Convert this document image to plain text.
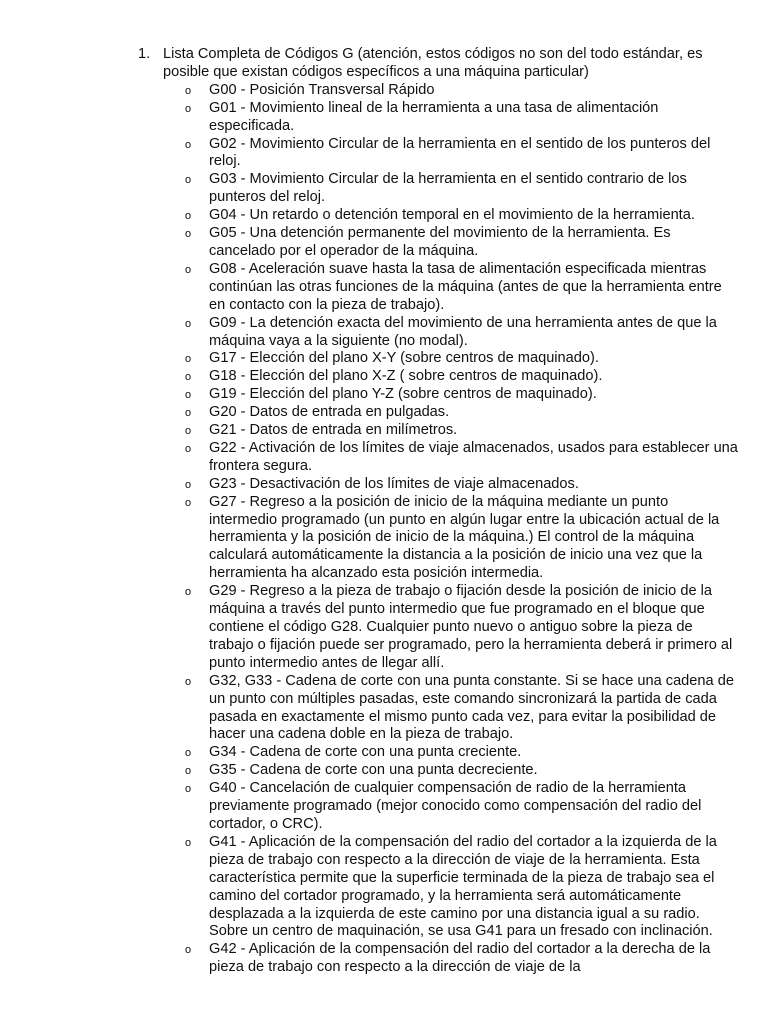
1. Lista Completa de Códigos G (atención, estos códigos no son del todo estándar, es posible que existan códigos específicos a una máquina particular)
o G00 - Posición Transversal Rápido
o G01 - Movimiento lineal de la herramienta a una tasa de alimentación especificada.
o G02 - Movimiento Circular de la herramienta en el sentido de los punteros del reloj.
o G03 - Movimiento Circular de la herramienta en el sentido contrario de los punteros del reloj.
o G04 - Un retardo o detención temporal en el movimiento de la herramienta.
o G05 - Una detención permanente del movimiento de la herramienta. Es cancelado por el operador de la máquina.
o G08 - Aceleración suave hasta la tasa de alimentación especificada mientras continúan las otras funciones de la máquina (antes de que la herramienta entre en contacto con la pieza de trabajo).
o G09 - La detención exacta del movimiento de una herramienta antes de que la máquina vaya a la siguiente (no modal).
o G17 - Elección del plano X-Y (sobre centros de maquinado).
o G18 - Elección del plano X-Z ( sobre centros de maquinado).
o G19 - Elección del plano Y-Z (sobre centros de maquinado).
o G20 - Datos de entrada en pulgadas.
o G21 - Datos de entrada en milímetros.
o G22 - Activación de los límites de viaje almacenados, usados para establecer una frontera segura.
o G23 - Desactivación de los límites de viaje almacenados.
o G27 - Regreso a la posición de inicio de la máquina mediante un punto intermedio programado (un punto en algún lugar entre la ubicación actual de la herramienta y la posición de inicio de la máquina.) El control de la máquina calculará automáticamente la distancia a la posición de inicio una vez que la herramienta ha alcanzado esta posición intermedia.
o G29 - Regreso a la pieza de trabajo o fijación desde la posición de inicio de la máquina a través del punto intermedio que fue programado en el bloque que contiene el código G28. Cualquier punto nuevo o antiguo sobre la pieza de trabajo o fijación puede ser programado, pero la herramienta deberá ir primero al punto intermedio antes de llegar allí.
o G32, G33 - Cadena de corte con una punta constante. Si se hace una cadena de un punto con múltiples pasadas, este comando sincronizará la partida de cada pasada en exactamente el mismo punto cada vez, para evitar la posibilidad de hacer una cadena doble en la pieza de trabajo.
o G34 - Cadena de corte con una punta creciente.
o G35 - Cadena de corte con una punta decreciente.
o G40 - Cancelación de cualquier compensación de radio de la herramienta previamente programado (mejor conocido como compensación del radio del cortador, o CRC).
o G41 - Aplicación de la compensación del radio del cortador a la izquierda de la pieza de trabajo con respecto a la dirección de viaje de la herramienta. Esta característica permite que la superficie terminada de la pieza de trabajo sea el camino del cortador programado, y la herramienta será automáticamente desplazada a la izquierda de este camino por una distancia igual a su radio. Sobre un centro de maquinación, se usa G41 para un fresado con inclinación.
o G42 - Aplicación de la compensación del radio del cortador a la derecha de la pieza de trabajo con respecto a la dirección de viaje de la
